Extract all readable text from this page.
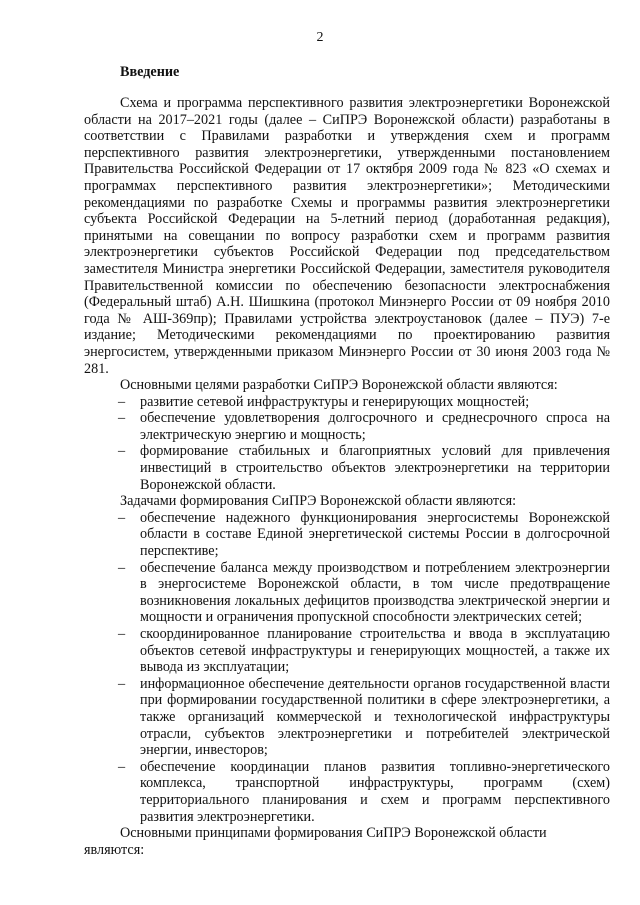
2
Введение

Схема и программа перспективного развития электроэнергетики Воронежской области на 2017–2021 годы (далее – СиПРЭ Воронежской области) разработаны в соответствии с Правилами разработки и утверждения схем и программ перспективного развития электроэнергетики, утвержденными постановлением Правительства Российской Федерации от 17 октября 2009 года № 823 «О схемах и программах перспективного развития электроэнергетики»; Методическими рекомендациями по разработке Схемы и программы развития электроэнергетики субъекта Российской Федерации на 5-летний период (доработанная редакция), принятыми на совещании по вопросу разработки схем и программ развития электроэнергетики субъектов Российской Федерации под председательством заместителя Министра энергетики Российской Федерации, заместителя руководителя Правительственной комиссии по обеспечению безопасности электроснабжения (Федеральный штаб) А.Н. Шишкина (протокол Минэнерго России от 09 ноября 2010 года № АШ-369пр); Правилами устройства электроустановок (далее – ПУЭ) 7-е издание; Методическими рекомендациями по проектированию развития энергосистем, утвержденными приказом Минэнерго России от 30 июня 2003 года № 281.

Основными целями разработки СиПРЭ Воронежской области являются:

– развитие сетевой инфраструктуры и генерирующих мощностей;
– обеспечение удовлетворения долгосрочного и среднесрочного спроса на электрическую энергию и мощность;
– формирование стабильных и благоприятных условий для привлечения инвестиций в строительство объектов электроэнергетики на территории Воронежской области.

Задачами формирования СиПРЭ Воронежской области являются:

– обеспечение надежного функционирования энергосистемы Воронежской области в составе Единой энергетической системы России в долгосрочной перспективе;
– обеспечение баланса между производством и потреблением электроэнергии в энергосистеме Воронежской области, в том числе предотвращение возникновения локальных дефицитов производства электрической энергии и мощности и ограничения пропускной способности электрических сетей;
– скоординированное планирование строительства и ввода в эксплуатацию объектов сетевой инфраструктуры и генерирующих мощностей, а также их вывода из эксплуатации;
– информационное обеспечение деятельности органов государственной власти при формировании государственной политики в сфере электроэнергетики, а также организаций коммерческой и технологической инфраструктуры отрасли, субъектов электроэнергетики и потребителей электрической энергии, инвесторов;
– обеспечение координации планов развития топливно-энергетического комплекса, транспортной инфраструктуры, программ (схем) территориального планирования и схем и программ перспективного развития электроэнергетики.

Основными принципами формирования СиПРЭ Воронежской области являются:
